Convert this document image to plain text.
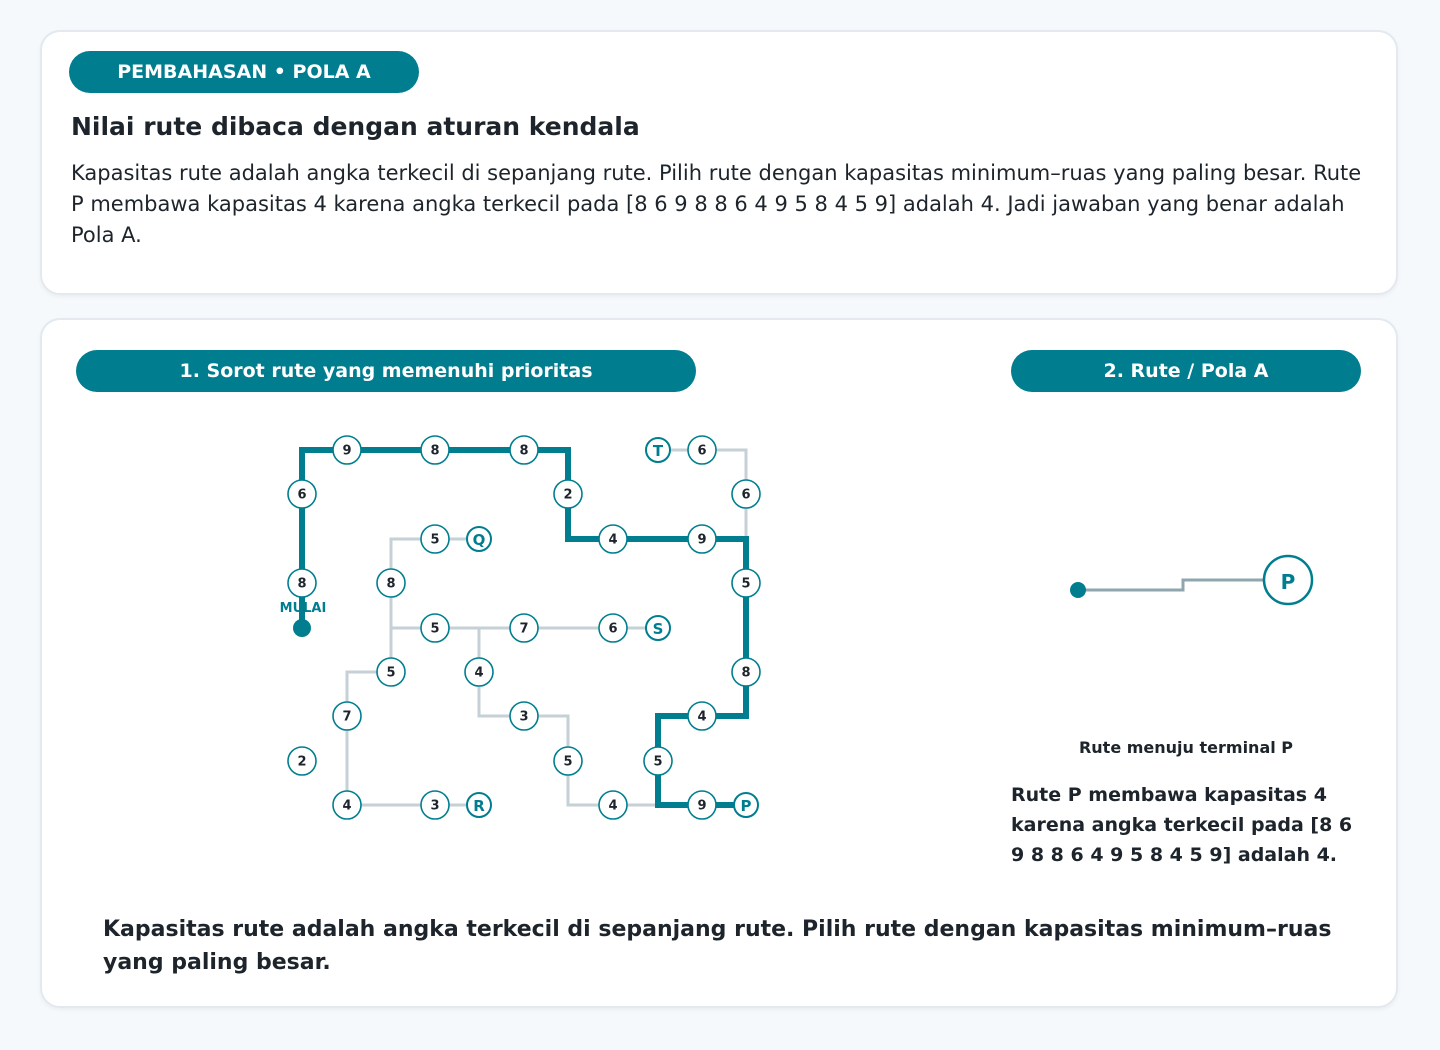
PEMBAHASAN • POLA A
Nilai rute dibaca dengan aturan kendala

Kapasitas rute adalah angka terkecil di sepanjang rute. Pilih rute dengan kapasitas minimum–ruas yang paling besar. Rute P membawa kapasitas 4 karena angka terkecil pada [8 6 9 8 8 6 4 9 5 8 4 5 9] adalah 4. Jadi jawaban yang benar adalah Pola A.

1. Sorot rute yang memenuhi prioritas	2. Rute / Pola A
MULAI
9	8	8	6
6	2	6
5	4	9
8	8	5
5	7	6
5	4	8
7	3	4
2	5	5
4	3	4	9
T
Q
S
R	P
P

Rute menuju terminal P

Rute P membawa kapasitas 4 karena angka terkecil pada [8 6 9 8 8 6 4 9 5 8 4 5 9] adalah 4.

Kapasitas rute adalah angka terkecil di sepanjang rute. Pilih rute dengan kapasitas minimum–ruas yang paling besar.
